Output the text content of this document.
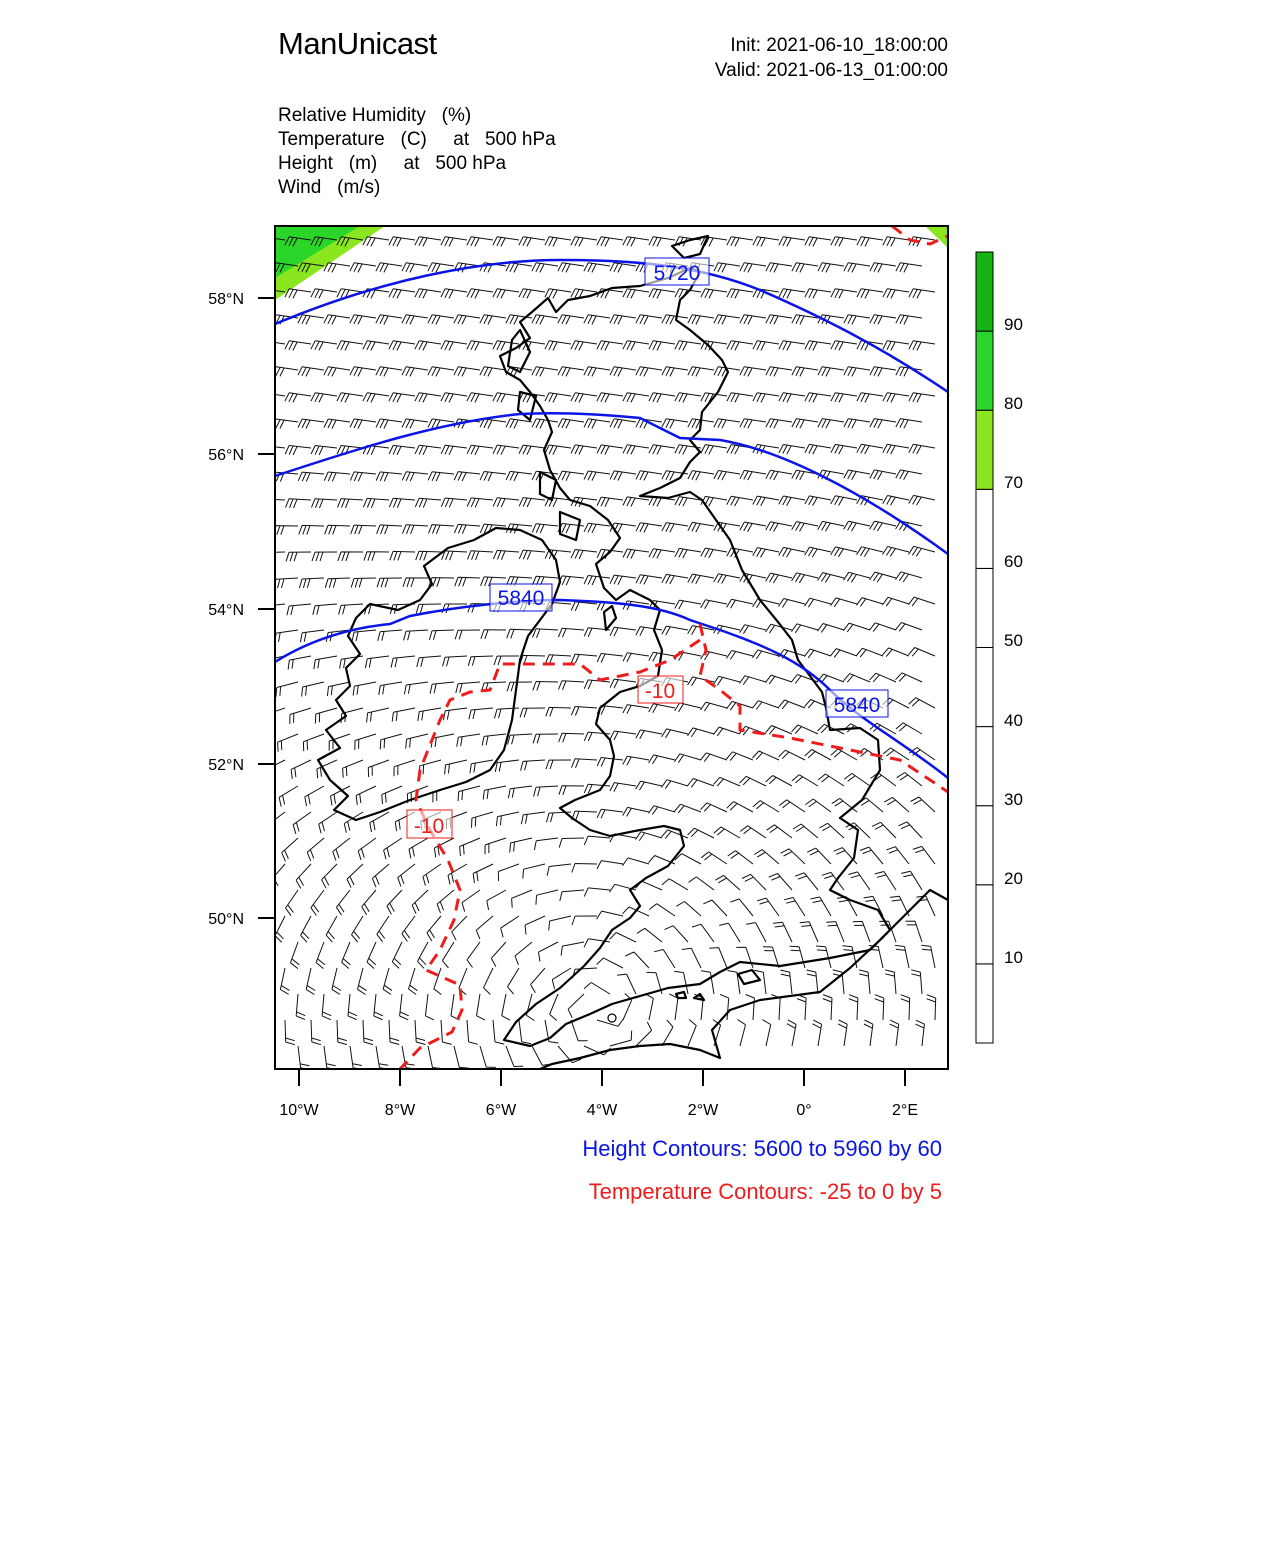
ManUnicast	Init: 2021-06-10_18:00:00
Valid: 2021-06-13_01:00:00
Relative Humidity   (%)
Temperature   (C)     at   500 hPa
Height   (m)     at   500 hPa
Wind   (m/s)
5720
5840
5840
-10
-10
58°N
56°N
54°N
52°N
50°N
10°W	8°W	6°W	4°W	2°W	0°	2°E
90
80
70
60
50
40
30
20
10
Height Contours: 5600 to 5960 by 60
Temperature Contours: -25 to 0 by 5
